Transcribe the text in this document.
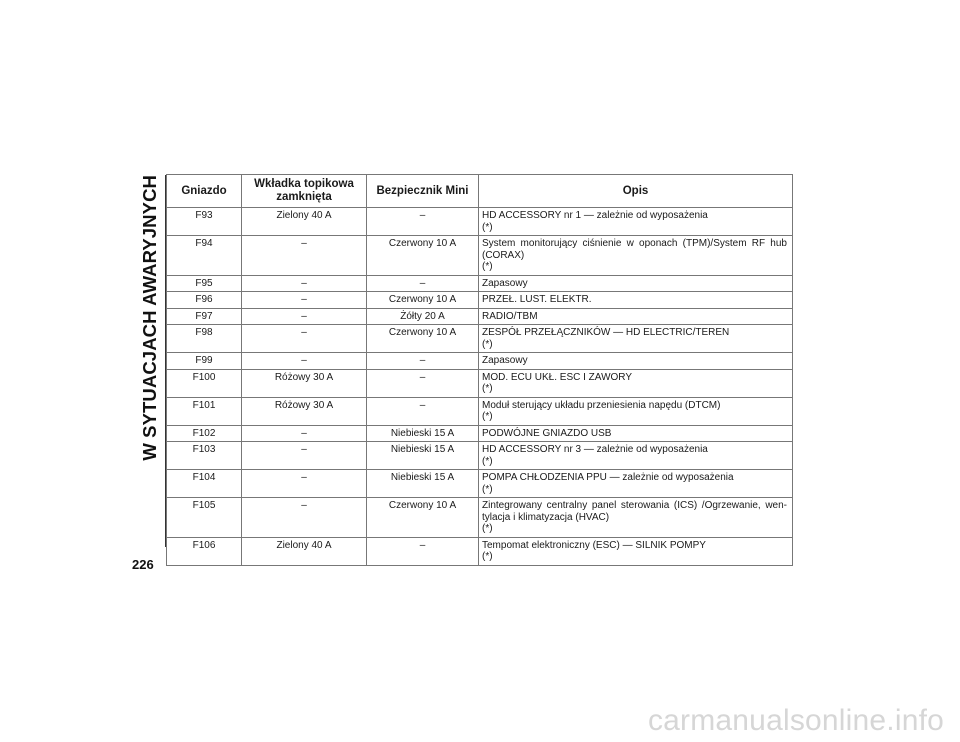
W SYTUACJACH AWARYJNYCH	Gniazdo	Wkładka topikowa zamknięta	Bezpiecznik Mini	Opis
F93	Zielony 40 A	–	HD ACCESSORY nr 1 — zależnie od wyposażenia
(*)

F94	–	Czerwony 10 A	System monitorujący ciśnienie w oponach (TPM)/System RF hub (CORAX)
(*)

F95	–	–	Zapasowy

F96	–	Czerwony 10 A	PRZEŁ. LUST. ELEKTR.

F97	–	Żółty 20 A	RADIO/TBM

F98	–	Czerwony 10 A	ZESPÓŁ PRZEŁĄCZNIKÓW — HD ELECTRIC/TEREN
(*)

F99	–	–	Zapasowy

F100	Różowy 30 A	–	MOD. ECU UKŁ. ESC I ZAWORY
(*)

F101	Różowy 30 A	–	Moduł sterujący układu przeniesienia napędu (DTCM)
(*)

F102	–	Niebieski 15 A	PODWÓJNE GNIAZDO USB

F103	–	Niebieski 15 A	HD ACCESSORY nr 3 — zależnie od wyposażenia
(*)

F104	–	Niebieski 15 A	POMPA CHŁODZENIA PPU — zależnie od wyposażenia
(*)

F105	–	Czerwony 10 A	Zintegrowany centralny panel sterowania (ICS) /Ogrzewanie, wen-tylacja i klimatyzacja (HVAC)
(*)

F106	Zielony 40 A	–	Tempomat elektroniczny (ESC) — SILNIK POMPY
(*)
226
carmanualsonline.info
